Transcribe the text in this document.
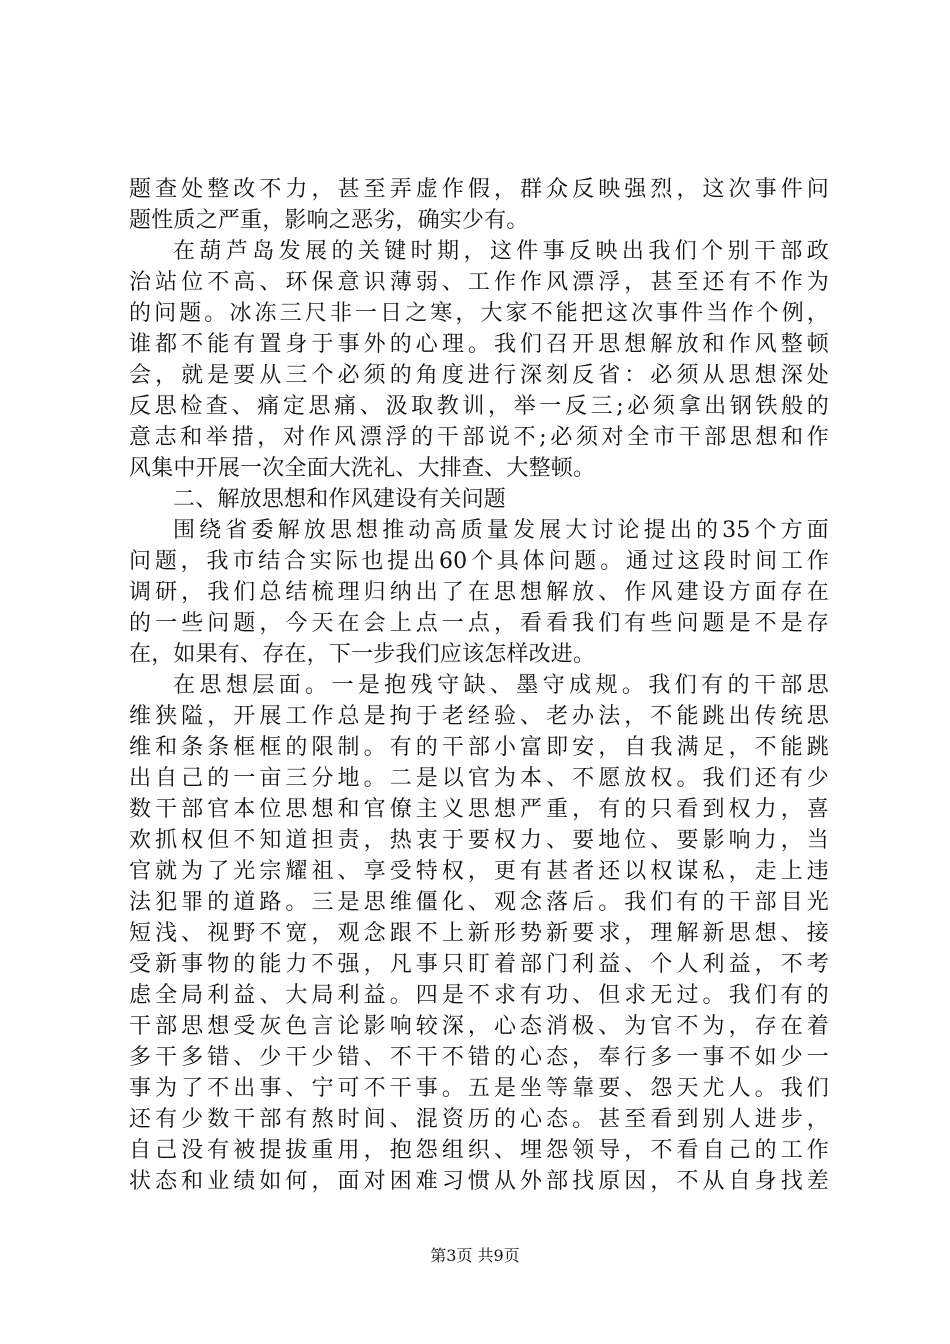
题查处整改不力，甚至弄虚作假，群众反映强烈，这次事件问
题性质之严重，影响之恶劣，确实少有。
在葫芦岛发展的关键时期，这件事反映出我们个别干部政
治站位不高、环保意识薄弱、工作作风漂浮，甚至还有不作为
的问题。冰冻三尺非一日之寒，大家不能把这次事件当作个例，
谁都不能有置身于事外的心理。我们召开思想解放和作风整顿
会，就是要从三个必须的角度进行深刻反省：必须从思想深处
反思检查、痛定思痛、汲取教训，举一反三;必须拿出钢铁般的
意志和举措，对作风漂浮的干部说不;必须对全市干部思想和作
风集中开展一次全面大洗礼、大排查、大整顿。
二、解放思想和作风建设有关问题
围绕省委解放思想推动高质量发展大讨论提出的35个方面
问题，我市结合实际也提出60个具体问题。通过这段时间工作
调研，我们总结梳理归纳出了在思想解放、作风建设方面存在
的一些问题，今天在会上点一点，看看我们有些问题是不是存
在，如果有、存在，下一步我们应该怎样改进。
在思想层面。一是抱残守缺、墨守成规。我们有的干部思
维狭隘，开展工作总是拘于老经验、老办法，不能跳出传统思
维和条条框框的限制。有的干部小富即安，自我满足，不能跳
出自己的一亩三分地。二是以官为本、不愿放权。我们还有少
数干部官本位思想和官僚主义思想严重，有的只看到权力，喜
欢抓权但不知道担责，热衷于要权力、要地位、要影响力，当
官就为了光宗耀祖、享受特权，更有甚者还以权谋私，走上违
法犯罪的道路。三是思维僵化、观念落后。我们有的干部目光
短浅、视野不宽，观念跟不上新形势新要求，理解新思想、接
受新事物的能力不强，凡事只盯着部门利益、个人利益，不考
虑全局利益、大局利益。四是不求有功、但求无过。我们有的
干部思想受灰色言论影响较深，心态消极、为官不为，存在着
多干多错、少干少错、不干不错的心态，奉行多一事不如少一
事为了不出事、宁可不干事。五是坐等靠要、怨天尤人。我们
还有少数干部有熬时间、混资历的心态。甚至看到别人进步，
自己没有被提拔重用，抱怨组织、埋怨领导，不看自己的工作
状态和业绩如何，面对困难习惯从外部找原因，不从自身找差
第3页 共9页
